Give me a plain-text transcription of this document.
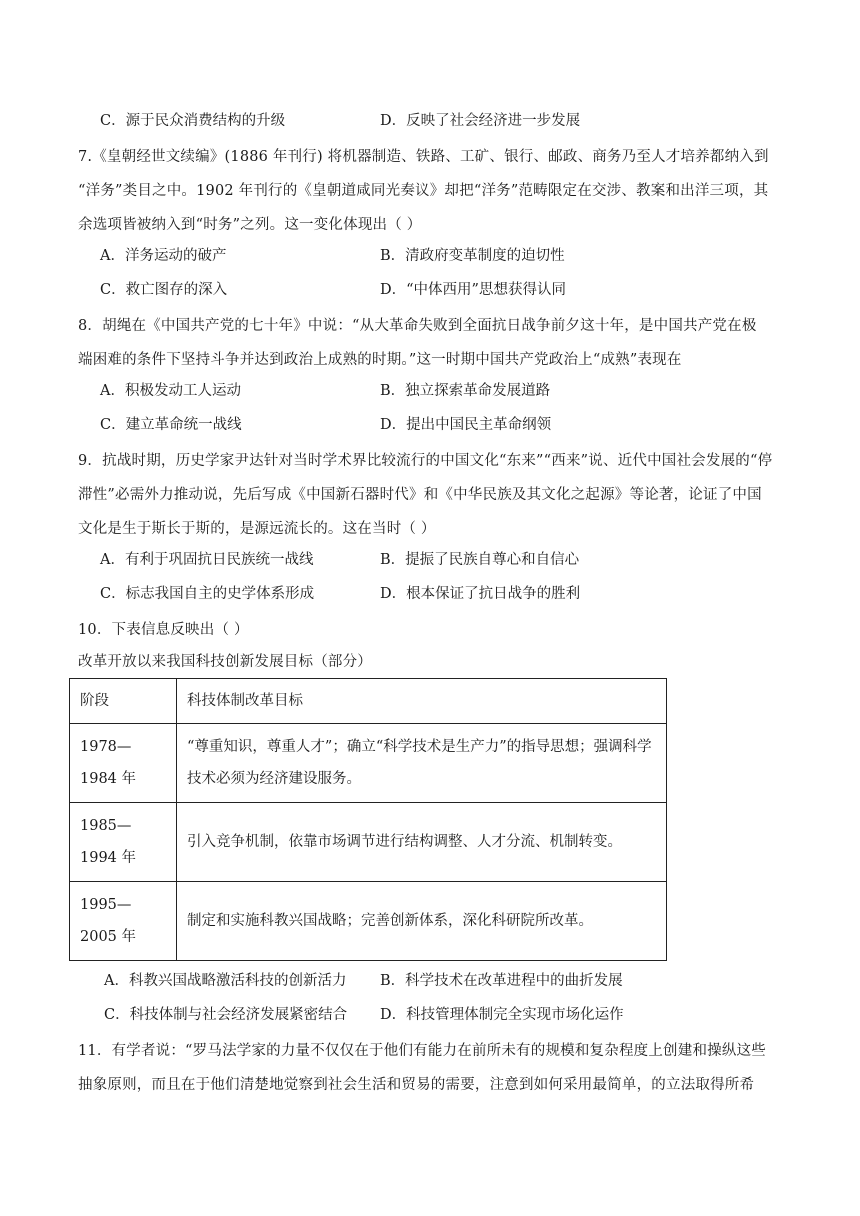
C．源于民众消费结构的升级	D．反映了社会经济进一步发展
7.《皇朝经世文续编》(1886 年刊行) 将机器制造、铁路、工矿、银行、邮政、商务乃至人才培养都纳入到
“洋务”类目之中。1902 年刊行的《皇朝道咸同光奏议》却把“洋务”范畴限定在交涉、教案和出洋三项，其
余选项皆被纳入到“时务”之列。这一变化体现出（ ）
A．洋务运动的破产	B．清政府变革制度的迫切性
C．救亡图存的深入	D．“中体西用”思想获得认同
8．胡绳在《中国共产党的七十年》中说：“从大革命失败到全面抗日战争前夕这十年，是中国共产党在极
端困难的条件下坚持斗争并达到政治上成熟的时期。”这一时期中国共产党政治上“成熟”表现在
A．积极发动工人运动	B．独立探索革命发展道路
C．建立革命统一战线	D．提出中国民主革命纲领
9．抗战时期，历史学家尹达针对当时学术界比较流行的中国文化“东来”“西来”说、近代中国社会发展的“停
滞性”必需外力推动说，先后写成《中国新石器时代》和《中华民族及其文化之起源》等论著，论证了中国
文化是生于斯长于斯的，是源远流长的。这在当时（ ）
A．有利于巩固抗日民族统一战线	B．提振了民族自尊心和自信心
C．标志我国自主的史学体系形成	D．根本保证了抗日战争的胜利
10．下表信息反映出（ ）
改革开放以来我国科技创新发展目标（部分）
阶段	科技体制改革目标

1978—1984 年	“尊重知识，尊重人才”；确立“科学技术是生产力”的指导思想；强调科学技术必须为经济建设服务。

1985—1994 年	引入竞争机制，依靠市场调节进行结构调整、人才分流、机制转变。

1995—2005 年	制定和实施科教兴国战略；完善创新体系，深化科研院所改革。
A．科教兴国战略激活科技的创新活力 B．科学技术在改革进程中的曲折发展
C．科技体制与社会经济发展紧密结合 D．科技管理体制完全实现市场化运作
11．有学者说：“罗马法学家的力量不仅仅在于他们有能力在前所未有的规模和复杂程度上创建和操纵这些
抽象原则，而且在于他们清楚地觉察到社会生活和贸易的需要，注意到如何采用最简单，的立法取得所希
